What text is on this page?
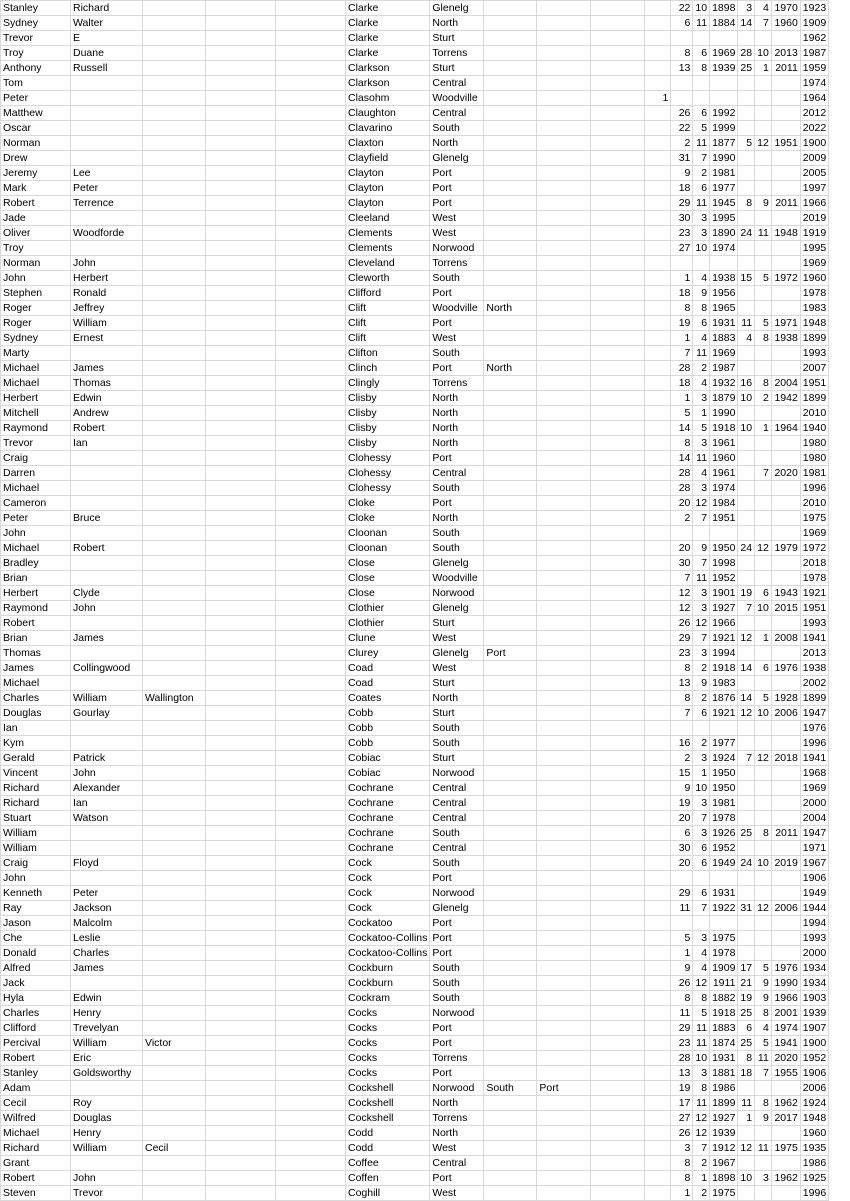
Stanley	Richard				Clarke	Glenelg					22	10	1898	3	4	1970	1923
Sydney	Walter				Clarke	North					6	11	1884	14	7	1960	1909
Trevor	E				Clarke	Sturt											1962
Troy	Duane				Clarke	Torrens					8	6	1969	28	10	2013	1987
Anthony	Russell				Clarkson	Sturt					13	8	1939	25	1	2011	1959
Tom					Clarkson	Central											1974
Peter					Clasohm	Woodville				1							1964
Matthew					Claughton	Central					26	6	1992				2012
Oscar					Clavarino	South					22	5	1999				2022
Norman					Claxton	North					2	11	1877	5	12	1951	1900
Drew					Clayfield	Glenelg					31	7	1990				2009
Jeremy	Lee				Clayton	Port					9	2	1981				2005
Mark	Peter				Clayton	Port					18	6	1977				1997
Robert	Terrence				Clayton	Port					29	11	1945	8	9	2011	1966
Jade					Cleeland	West					30	3	1995				2019
Oliver	Woodforde				Clements	West					23	3	1890	24	11	1948	1919
Troy					Clements	Norwood					27	10	1974				1995
Norman	John				Cleveland	Torrens											1969
John	Herbert				Cleworth	South					1	4	1938	15	5	1972	1960
Stephen	Ronald				Clifford	Port					18	9	1956				1978
Roger	Jeffrey				Clift	Woodville	North				8	8	1965				1983
Roger	William				Clift	Port					19	6	1931	11	5	1971	1948
Sydney	Ernest				Clift	West					1	4	1883	4	8	1938	1899
Marty					Clifton	South					7	11	1969				1993
Michael	James				Clinch	Port	North				28	2	1987				2007
Michael	Thomas				Clingly	Torrens					18	4	1932	16	8	2004	1951
Herbert	Edwin				Clisby	North					1	3	1879	10	2	1942	1899
Mitchell	Andrew				Clisby	North					5	1	1990				2010
Raymond	Robert				Clisby	North					14	5	1918	10	1	1964	1940
Trevor	Ian				Clisby	North					8	3	1961				1980
Craig					Clohessy	Port					14	11	1960				1980
Darren					Clohessy	Central					28	4	1961		7	2020	1981
Michael					Clohessy	South					28	3	1974				1996
Cameron					Cloke	Port					20	12	1984				2010
Peter	Bruce				Cloke	North					2	7	1951				1975
John					Cloonan	South											1969
Michael	Robert				Cloonan	South					20	9	1950	24	12	1979	1972
Bradley					Close	Glenelg					30	7	1998				2018
Brian					Close	Woodville					7	11	1952				1978
Herbert	Clyde				Close	Norwood					12	3	1901	19	6	1943	1921
Raymond	John				Clothier	Glenelg					12	3	1927	7	10	2015	1951
Robert					Clothier	Sturt					26	12	1966				1993
Brian	James				Clune	West					29	7	1921	12	1	2008	1941
Thomas					Clurey	Glenelg	Port				23	3	1994				2013
James	Collingwood				Coad	West					8	2	1918	14	6	1976	1938
Michael					Coad	Sturt					13	9	1983				2002
Charles	William	Wallington			Coates	North					8	2	1876	14	5	1928	1899
Douglas	Gourlay				Cobb	Sturt					7	6	1921	12	10	2006	1947
Ian					Cobb	South											1976
Kym					Cobb	South					16	2	1977				1996
Gerald	Patrick				Cobiac	Sturt					2	3	1924	7	12	2018	1941
Vincent	John				Cobiac	Norwood					15	1	1950				1968
Richard	Alexander				Cochrane	Central					9	10	1950				1969
Richard	Ian				Cochrane	Central					19	3	1981				2000
Stuart	Watson				Cochrane	Central					20	7	1978				2004
William					Cochrane	South					6	3	1926	25	8	2011	1947
William					Cochrane	Central					30	6	1952				1971
Craig	Floyd				Cock	South					20	6	1949	24	10	2019	1967
John					Cock	Port											1906
Kenneth	Peter				Cock	Norwood					29	6	1931				1949
Ray	Jackson				Cock	Glenelg					11	7	1922	31	12	2006	1944
Jason	Malcolm				Cockatoo	Port											1994
Che	Leslie				Cockatoo-Collins	Port					5	3	1975				1993
Donald	Charles				Cockatoo-Collins	Port					1	4	1978				2000
Alfred	James				Cockburn	South					9	4	1909	17	5	1976	1934
Jack					Cockburn	South					26	12	1911	21	9	1990	1934
Hyla	Edwin				Cockram	South					8	8	1882	19	9	1966	1903
Charles	Henry				Cocks	Norwood					11	5	1918	25	8	2001	1939
Clifford	Trevelyan				Cocks	Port					29	11	1883	6	4	1974	1907
Percival	William	Victor			Cocks	Port					23	11	1874	25	5	1941	1900
Robert	Eric				Cocks	Torrens					28	10	1931	8	11	2020	1952
Stanley	Goldsworthy				Cocks	Port					13	3	1881	18	7	1955	1906
Adam					Cockshell	Norwood	South	Port			19	8	1986				2006
Cecil	Roy				Cockshell	North					17	11	1899	11	8	1962	1924
Wilfred	Douglas				Cockshell	Torrens					27	12	1927	1	9	2017	1948
Michael	Henry				Codd	North					26	12	1939				1960
Richard	William	Cecil			Codd	West					3	7	1912	12	11	1975	1935
Grant					Coffee	Central					8	2	1967				1986
Robert	John				Coffen	Port					8	1	1898	10	3	1962	1925
Steven	Trevor				Coghill	West					1	2	1975				1996
